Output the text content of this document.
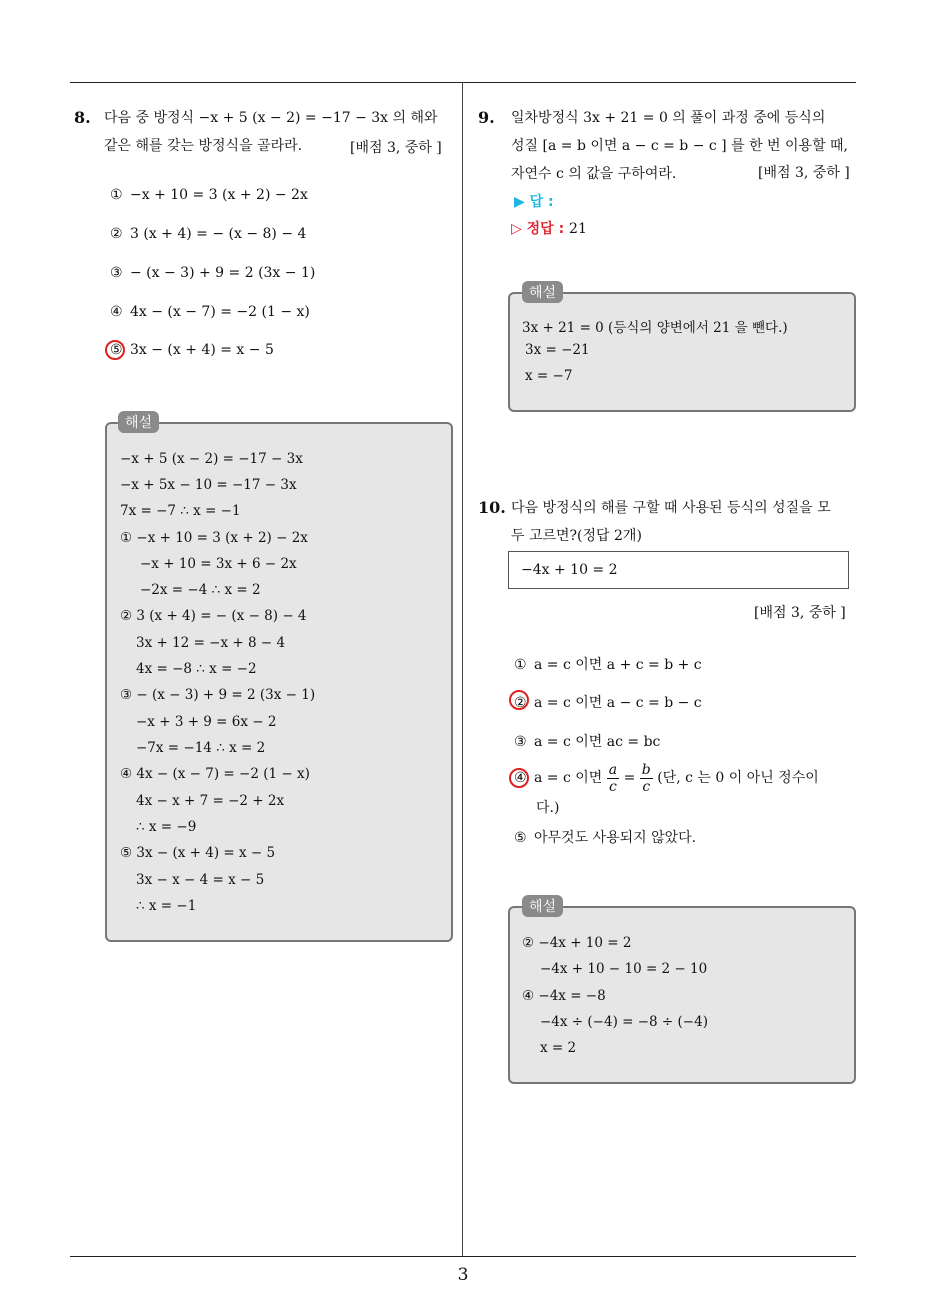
8. 다음 중 방정식 −x + 5 (x − 2) = −17 − 3x 의 해와
같은 해를 갖는 방정식을 골라라.	[배점 3, 중하 ]
① −x + 10 = 3 (x + 2) − 2x
② 3 (x + 4) = − (x − 8) − 4
③ − (x − 3) + 9 = 2 (3x − 1)
④ 4x − (x − 7) = −2 (1 − x)
⑤ 3x − (x + 4) = x − 5
해설
−x + 5 (x − 2) = −17 − 3x
−x + 5x − 10 = −17 − 3x
7x = −7 ∴ x = −1
① −x + 10 = 3 (x + 2) − 2x
−x + 10 = 3x + 6 − 2x
−2x = −4 ∴ x = 2
② 3 (x + 4) = − (x − 8) − 4
3x + 12 = −x + 8 − 4
4x = −8 ∴ x = −2
③ − (x − 3) + 9 = 2 (3x − 1)
−x + 3 + 9 = 6x − 2
−7x = −14 ∴ x = 2
④ 4x − (x − 7) = −2 (1 − x)
4x − x + 7 = −2 + 2x
∴ x = −9
⑤ 3x − (x + 4) = x − 5
3x − x − 4 = x − 5
∴ x = −1
9. 일차방정식 3x + 21 = 0 의 풀이 과정 중에 등식의
성질 [a = b 이면 a − c = b − c ] 를 한 번 이용할 때,
자연수 c 의 값을 구하여라.	[배점 3, 중하 ]
▶ 답 :
▷ 정답 : 21
해설
3x + 21 = 0 (등식의 양변에서 21 을 뺀다.)
3x = −21
x = −7
10. 다음 방정식의 해를 구할 때 사용된 등식의 성질을 모
두 고르면?(정답 2개)
−4x + 10 = 2
[배점 3, 중하 ]
① a = c 이면 a + c = b + c
② a = c 이면 a − c = b − c
③ a = c 이면 ac = bc
④ a = c 이면 $\frac{a}{c} = \frac{b}{c}$ (단, c 는 0 이 아닌 정수이
다.)
⑤ 아무것도 사용되지 않았다.
해설
② −4x + 10 = 2
−4x + 10 − 10 = 2 − 10
④ −4x = −8
−4x ÷ (−4) = −8 ÷ (−4)
x = 2
3
